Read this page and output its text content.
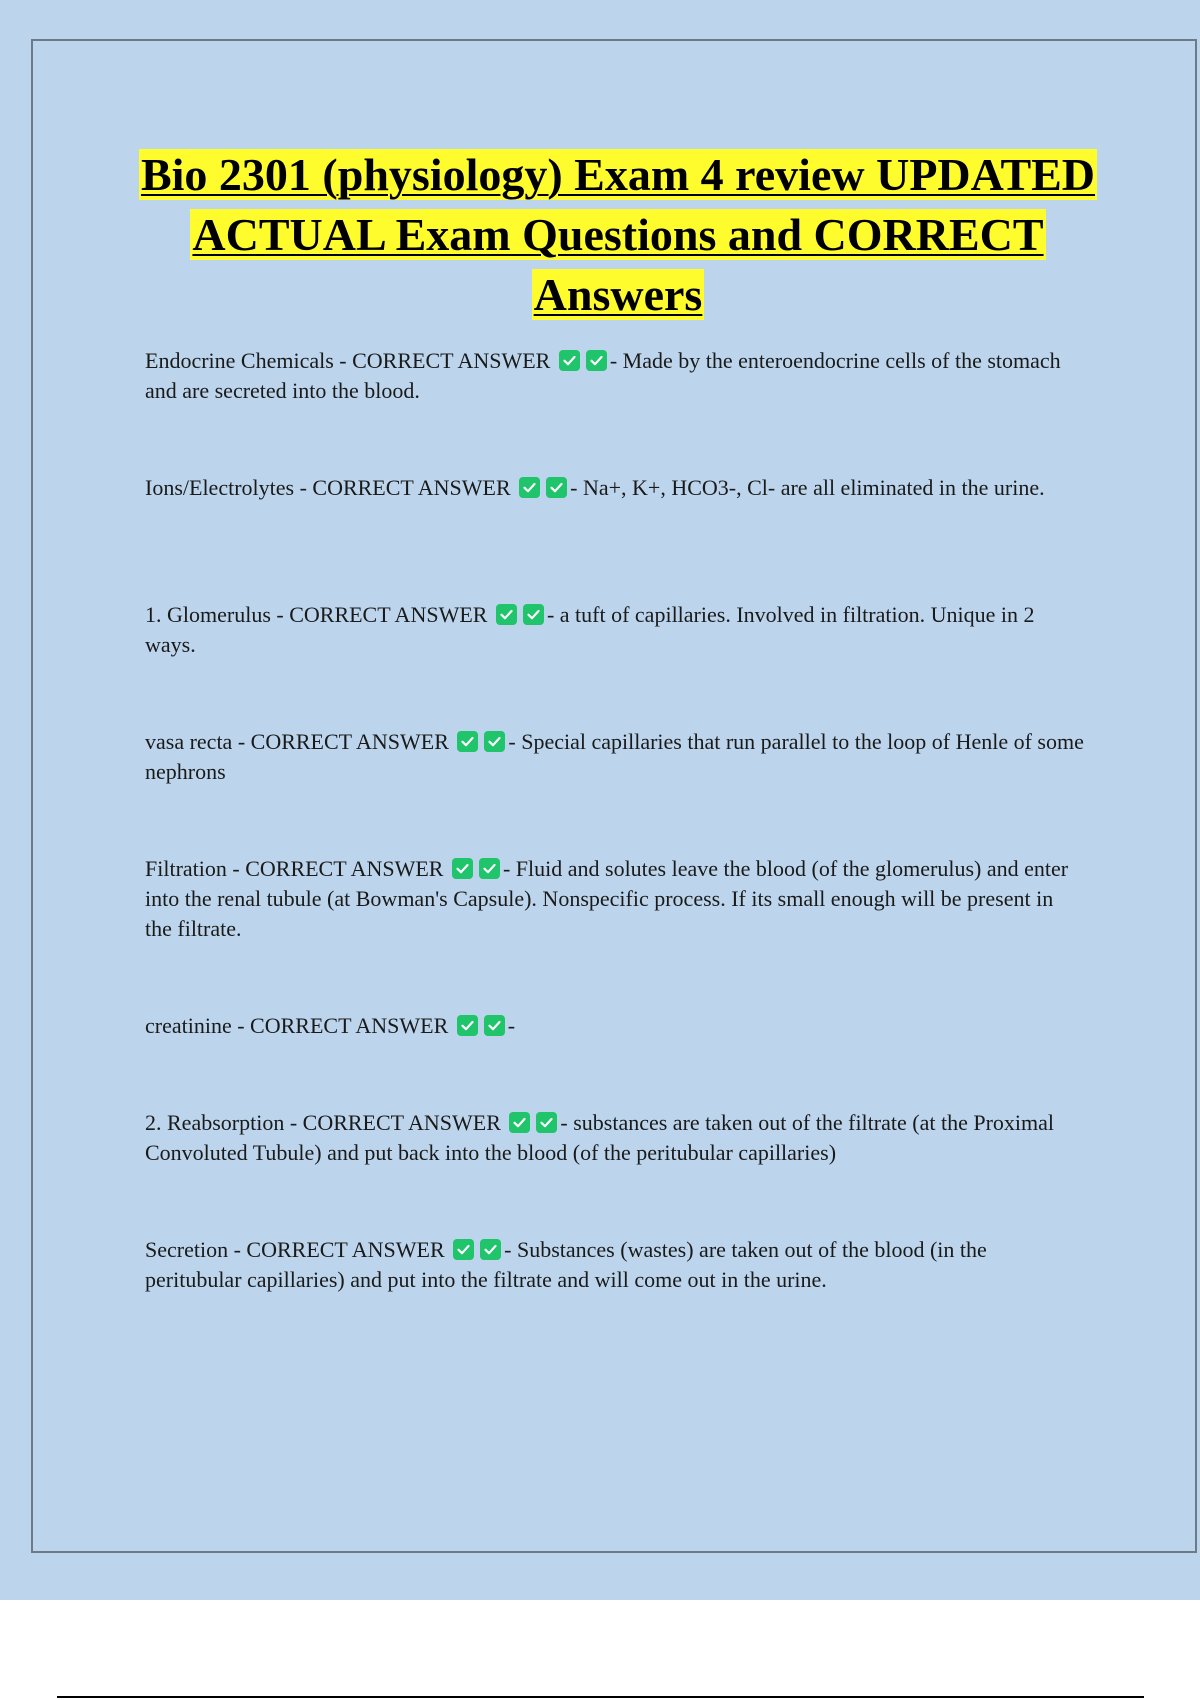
Bio 2301 (physiology) Exam 4 review UPDATED ACTUAL Exam Questions and CORRECT Answers
Endocrine Chemicals - CORRECT ANSWER	- Made by the enteroendocrine cells of the stomach and are secreted into the blood.
Ions/Electrolytes - CORRECT ANSWER	- Na+, K+, HCO3-, Cl- are all eliminated in the urine.
1. Glomerulus - CORRECT ANSWER	- a tuft of capillaries. Involved in filtration. Unique in 2 ways.
vasa recta - CORRECT ANSWER	- Special capillaries that run parallel to the loop of Henle of some nephrons
Filtration - CORRECT ANSWER	- Fluid and solutes leave the blood (of the glomerulus) and enter into the renal tubule (at Bowman's Capsule). Nonspecific process. If its small enough will be present in the filtrate.
creatinine - CORRECT ANSWER	-
2. Reabsorption - CORRECT ANSWER	- substances are taken out of the filtrate (at the Proximal Convoluted Tubule) and put back into the blood (of the peritubular capillaries)
Secretion - CORRECT ANSWER	- Substances (wastes) are taken out of the blood (in the peritubular capillaries) and put into the filtrate and will come out in the urine.
